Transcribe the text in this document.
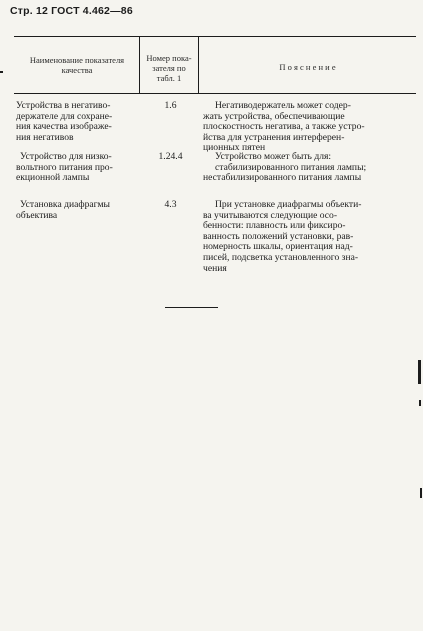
Стр. 12 ГОСТ 4.462—86
Наименование показателя
качества
Номер пока-
зателя по
табл. 1
П о я с н е н и е
Устройства в негативо-
держателе для сохране-
ния качества изображе-
ния негативов
1.6	Негативодержатель может содер-
жать устройства, обеспечивающие
плоскостность негатива, а также устро-
йства для устранения интерферен-
ционных пятен
Устройство для низко-
вольтного питания про-
екционной лампы
1.24.4	Устройство может быть для:
стабилизированного питания лампы;
нестабилизированного питания лампы
Установка диафрагмы
объектива
4.3	При установке диафрагмы объекти-
ва учитываются следующие осо-
бенности: плавность или фиксиро-
ванность положений установки, рав-
номерность шкалы, ориентация над-
писей, подсветка установленного зна-
чения
